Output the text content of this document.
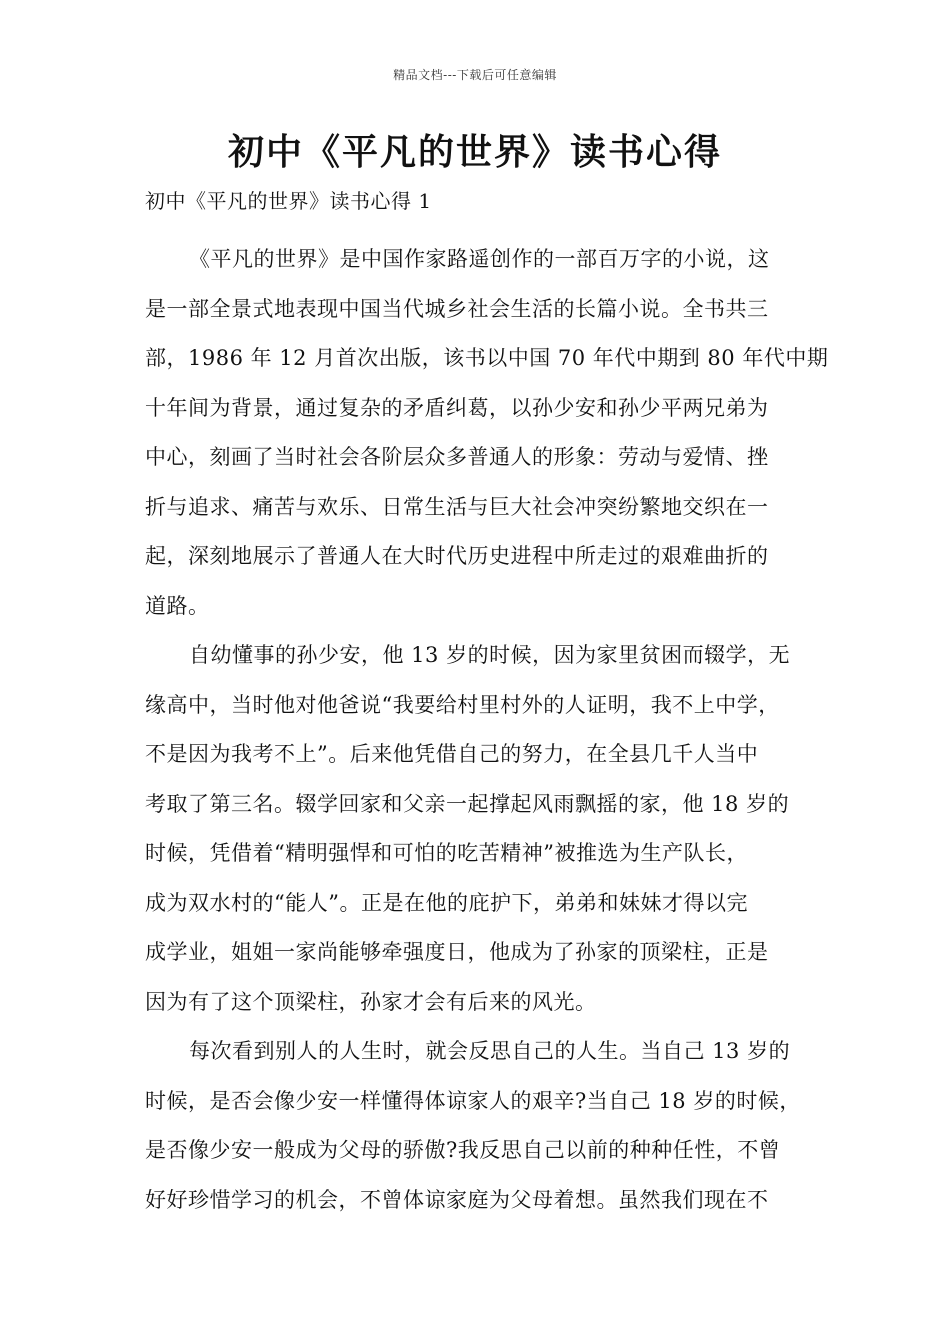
精品文档---下载后可任意编辑
初中《平凡的世界》读书心得
初中《平凡的世界》读书心得 1

《平凡的世界》是中国作家路遥创作的一部百万字的小说，这
是一部全景式地表现中国当代城乡社会生活的长篇小说。全书共三
部，1986 年 12 月首次出版，该书以中国 70 年代中期到 80 年代中期
十年间为背景，通过复杂的矛盾纠葛，以孙少安和孙少平两兄弟为
中心，刻画了当时社会各阶层众多普通人的形象：劳动与爱情、挫
折与追求、痛苦与欢乐、日常生活与巨大社会冲突纷繁地交织在一
起，深刻地展示了普通人在大时代历史进程中所走过的艰难曲折的
道路。

自幼懂事的孙少安，他 13 岁的时候，因为家里贫困而辍学，无
缘高中，当时他对他爸说“我要给村里村外的人证明，我不上中学，
不是因为我考不上”。后来他凭借自己的努力，在全县几千人当中
考取了第三名。辍学回家和父亲一起撑起风雨飘摇的家，他 18 岁的
时候，凭借着“精明强悍和可怕的吃苦精神”被推选为生产队长，
成为双水村的“能人”。正是在他的庇护下，弟弟和妹妹才得以完
成学业，姐姐一家尚能够牵强度日，他成为了孙家的顶梁柱，正是
因为有了这个顶梁柱，孙家才会有后来的风光。

每次看到别人的人生时，就会反思自己的人生。当自己 13 岁的
时候，是否会像少安一样懂得体谅家人的艰辛?当自己 18 岁的时候，
是否像少安一般成为父母的骄傲?我反思自己以前的种种任性，不曾
好好珍惜学习的机会，不曾体谅家庭为父母着想。虽然我们现在不
